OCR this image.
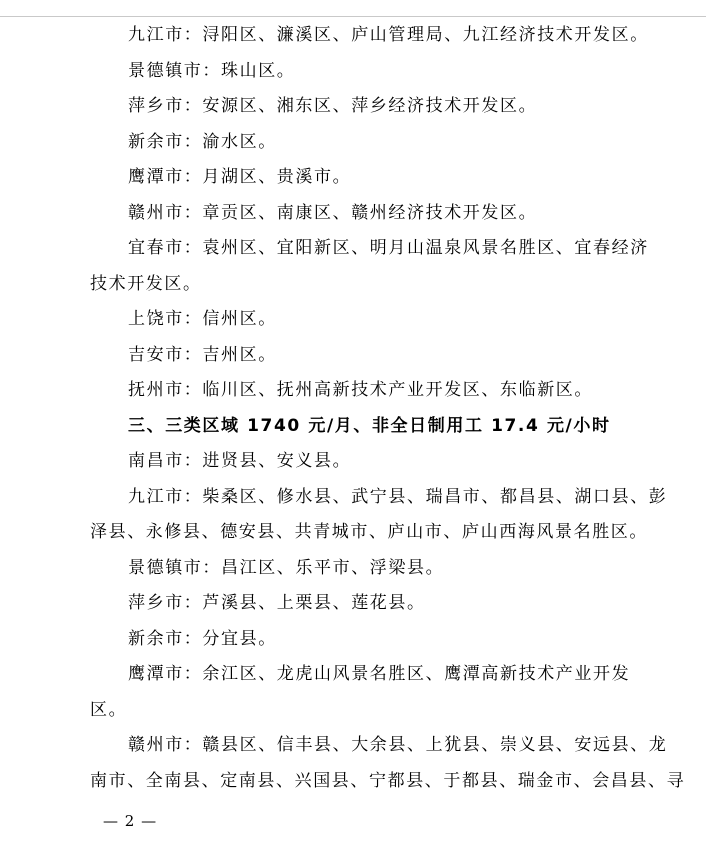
九江市：浔阳区、濂溪区、庐山管理局、九江经济技术开发区。
景德镇市：珠山区。
萍乡市：安源区、湘东区、萍乡经济技术开发区。
新余市：渝水区。
鹰潭市：月湖区、贵溪市。
赣州市：章贡区、南康区、赣州经济技术开发区。
宜春市：袁州区、宜阳新区、明月山温泉风景名胜区、宜春经济
技术开发区。
上饶市：信州区。
吉安市：吉州区。
抚州市：临川区、抚州高新技术产业开发区、东临新区。
三、三类区域 1740 元/月、非全日制用工 17.4 元/小时
南昌市：进贤县、安义县。
九江市：柴桑区、修水县、武宁县、瑞昌市、都昌县、湖口县、彭
泽县、永修县、德安县、共青城市、庐山市、庐山西海风景名胜区。
景德镇市：昌江区、乐平市、浮梁县。
萍乡市：芦溪县、上栗县、莲花县。
新余市：分宜县。
鹰潭市：余江区、龙虎山风景名胜区、鹰潭高新技术产业开发
区。
赣州市：赣县区、信丰县、大余县、上犹县、崇义县、安远县、龙
南市、全南县、定南县、兴国县、宁都县、于都县、瑞金市、会昌县、寻
— 2 —
